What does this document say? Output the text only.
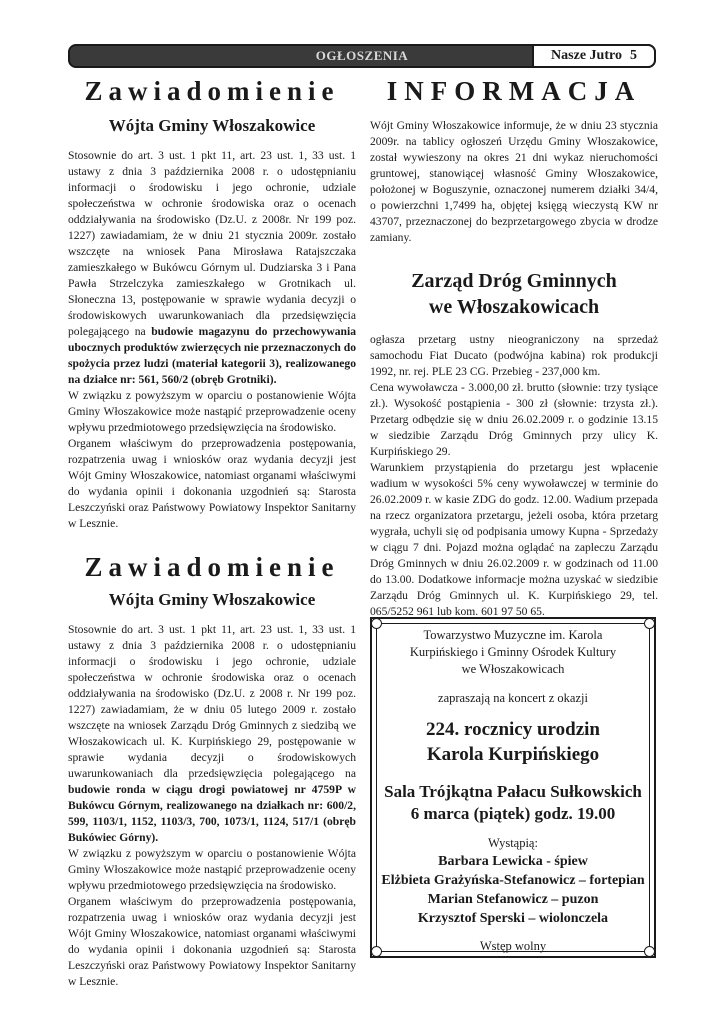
OGŁOSZENIA	Nasze Jutro 5
Zawiadomienie
Wójta Gminy Włoszakowice

Stosownie do art. 3 ust. 1 pkt 11, art. 23 ust. 1, 33 ust. 1 ustawy z dnia 3 października 2008 r. o udostępnianiu informacji o środowisku i jego ochronie, udziale społeczeństwa w ochronie środowiska oraz o ocenach oddziaływania na środowisko (Dz.U. z 2008r. Nr 199 poz. 1227) zawiadamiam, że w dniu 21 stycznia 2009r. zostało wszczęte na wniosek Pana Mirosława Ratajszczaka zamieszkałego w Bukówcu Górnym ul. Dudziarska 3 i Pana Pawła Strzelczyka zamieszkałego w Grotnikach ul. Słoneczna 13, postępowanie w sprawie wydania decyzji o środowiskowych uwarunkowaniach dla przedsięwzięcia polegającego na budowie magazynu do przechowywania ubocznych produktów zwierzęcych nie przeznaczonych do spożycia przez ludzi (materiał kategorii 3), realizowanego na działce nr: 561, 560/2 (obręb Grotniki).

W związku z powyższym w oparciu o postanowienie Wójta Gminy Włoszakowice może nastąpić przeprowadzenie oceny wpływu przedmiotowego przedsięwzięcia na środowisko.

Organem właściwym do przeprowadzenia postępowania, rozpatrzenia uwag i wniosków oraz wydania decyzji jest Wójt Gminy Włoszakowice, natomiast organami właściwymi do wydania opinii i dokonania uzgodnień są: Starosta Leszczyński oraz Państwowy Powiatowy Inspektor Sanitarny w Lesznie.

Zawiadomienie
Wójta Gminy Włoszakowice

Stosownie do art. 3 ust. 1 pkt 11, art. 23 ust. 1, 33 ust. 1 ustawy z dnia 3 października 2008 r. o udostępnianiu informacji o środowisku i jego ochronie, udziale społeczeństwa w ochronie środowiska oraz o ocenach oddziaływania na środowisko (Dz.U. z 2008 r. Nr 199 poz. 1227) zawiadamiam, że w dniu 05 lutego 2009 r. zostało wszczęte na wniosek Zarządu Dróg Gminnych z siedzibą we Włoszakowicach ul. K. Kurpińskiego 29, postępowanie w sprawie wydania decyzji o środowiskowych uwarunkowaniach dla przedsięwzięcia polegającego na budowie ronda w ciągu drogi powiatowej nr 4759P w Bukówcu Górnym, realizowanego na działkach nr: 600/2, 599, 1103/1, 1152, 1103/3, 700, 1073/1, 1124, 517/1 (obręb Bukówiec Górny).

W związku z powyższym w oparciu o postanowienie Wójta Gminy Włoszakowice może nastąpić przeprowadzenie oceny wpływu przedmiotowego przedsięwzięcia na środowisko.

Organem właściwym do przeprowadzenia postępowania, rozpatrzenia uwag i wniosków oraz wydania decyzji jest Wójt Gminy Włoszakowice, natomiast organami właściwymi do wydania opinii i dokonania uzgodnień są: Starosta Leszczyński oraz Państwowy Powiatowy Inspektor Sanitarny w Lesznie.

INFORMACJA

Wójt Gminy Włoszakowice informuje, że w dniu 23 stycznia 2009r. na tablicy ogłoszeń Urzędu Gminy Włoszakowice, został wywieszony na okres 21 dni wykaz nieruchomości gruntowej, stanowiącej własność Gminy Włoszakowice, położonej w Boguszynie, oznaczonej numerem działki 34/4, o powierzchni 1,7499 ha, objętej księgą wieczystą KW nr 43707, przeznaczonej do bezprzetargowego zbycia w drodze zamiany.

Zarząd Dróg Gminnych
we Włoszakowicach

ogłasza przetarg ustny nieograniczony na sprzedaż samochodu Fiat Ducato (podwójna kabina) rok produkcji 1992, nr. rej. PLE 23 CG. Przebieg - 237,000 km.

Cena wywoławcza - 3.000,00 zł. brutto (słownie: trzy tysiące zł.). Wysokość postąpienia - 300 zł (słownie: trzysta zł.). Przetarg odbędzie się w dniu 26.02.2009 r. o godzinie 13.15 w siedzibie Zarządu Dróg Gminnych przy ulicy K. Kurpińskiego 29.

Warunkiem przystąpienia do przetargu jest wpłacenie wadium w wysokości 5% ceny wywoławczej w terminie do 26.02.2009 r. w kasie ZDG do godz. 12.00. Wadium przepada na rzecz organizatora przetargu, jeżeli osoba, która przetarg wygrała, uchyli się od podpisania umowy Kupna - Sprzedaży w ciągu 7 dni. Pojazd można oglądać na zapleczu Zarządu Dróg Gminnych w dniu 26.02.2009 r. w godzinach od 11.00 do 13.00. Dodatkowe informacje można uzyskać w siedzibie Zarządu Dróg Gminnych ul. K. Kurpińskiego 29, tel. 065/5252 961 lub kom. 601 97 50 65.

Towarzystwo Muzyczne im. Karola

Kurpińskiego i Gminny Ośrodek Kultury

we Włoszakowicach

zapraszają na koncert z okazji

224. rocznicy urodzin

Karola Kurpińskiego

Sala Trójkątna Pałacu Sułkowskich

6 marca (piątek) godz. 19.00

Wystąpią:

Barbara Lewicka - śpiew

Elżbieta Grażyńska-Stefanowicz – fortepian

Marian Stefanowicz – puzon

Krzysztof Sperski – wiolonczela

Wstęp wolny
